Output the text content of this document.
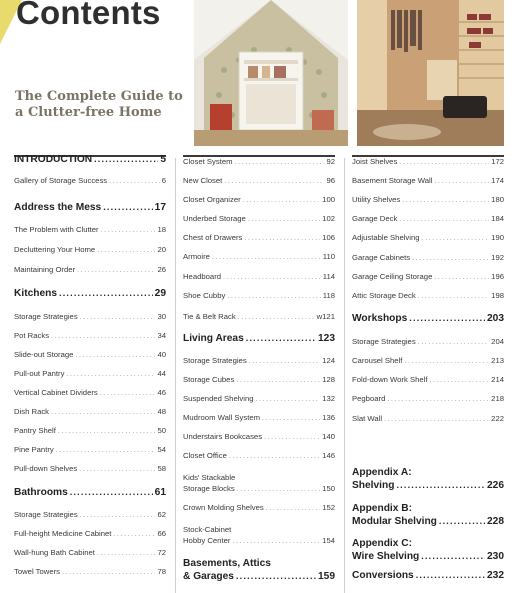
Contents
The Complete Guide to
a Clutter-free Home
INTRODUCTION .....	5
Gallery of Storage Success .....	6
Address the Mess .....	17
The Problem with Clutter .....	18
Decluttering Your Home .....	20
Maintaining Order .....	26
Kitchens .....	29
Storage Strategies .....	30
Pot Racks .....	34
Slide-out Storage .....	40
Pull-out Pantry .....	44
Vertical Cabinet Dividers .....	46
Dish Rack .....	48
Pantry Shelf .....	50
Pine Pantry .....	54
Pull-down Shelves .....	58
Bathrooms .....	61
Storage Strategies .....	62
Full-height Medicine Cabinet .....	66
Wall-hung Bath Cabinet .....	72
Towel Towers .....	78
Closet System .....	92
New Closet .....	96
Closet Organizer .....	100
Underbed Storage .....	102
Chest of Drawers .....	106
Armoire .....	110
Headboard .....	114
Shoe Cubby .....	118
Tie & Belt Rack .....	w121
Living Areas .....	123
Storage Strategies .....	124
Storage Cubes .....	128
Suspended Shelving .....	132
Mudroom Wall System .....	136
Understairs Bookcases .....	140
Closet Office .....	146
Kids' Stackable
Storage Blocks .....	150
Crown Molding Shelves .....	152
Stock-Cabinet
Hobby Center .....	154
Basements, Attics
& Garages .....	159
Joist Shelves .....	172
Basement Storage Wall .....	174
Utility Shelves .....	180
Garage Deck .....	184
Adjustable Shelving .....	190
Garage Cabinets .....	192
Garage Ceiling Storage .....	196
Attic Storage Deck .....	198
Workshops .....	203
Storage Strategies .....	204
Carousel Shelf .....	213
Fold-down Work Shelf .....	214
Pegboard .....	218
Slat Wall .....	222
Appendix A:
Shelving .....	226
Appendix B:
Modular Shelving .....	228
Appendix C:
Wire Shelving .....	230
Conversions .....	232
